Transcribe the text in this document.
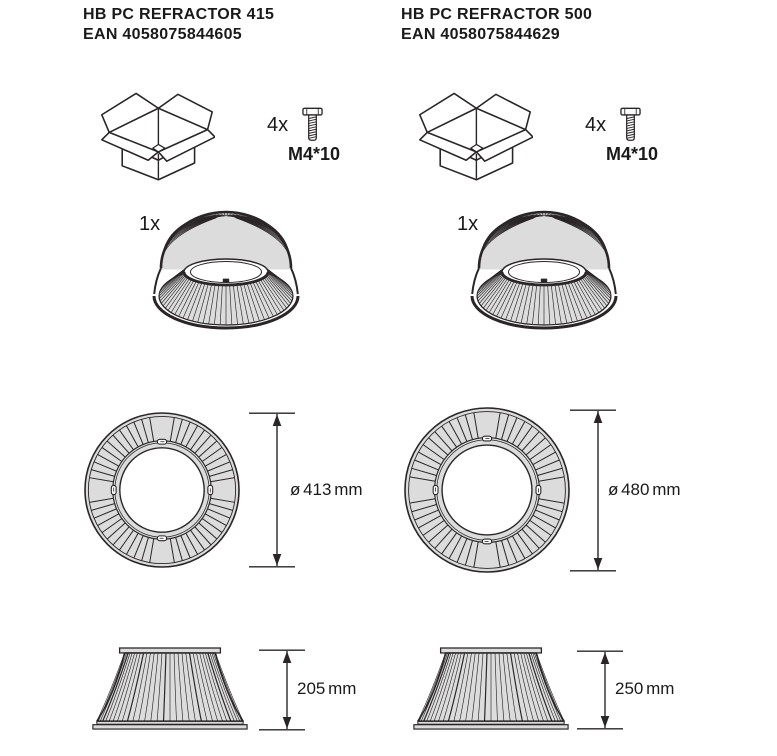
HB PC REFRACTOR 415
EAN 4058075844605
4x
M4*10
1x
ø 413 mm
205 mm
HB PC REFRACTOR 500
EAN 4058075844629
4x
M4*10
1x
ø 480 mm
250 mm
